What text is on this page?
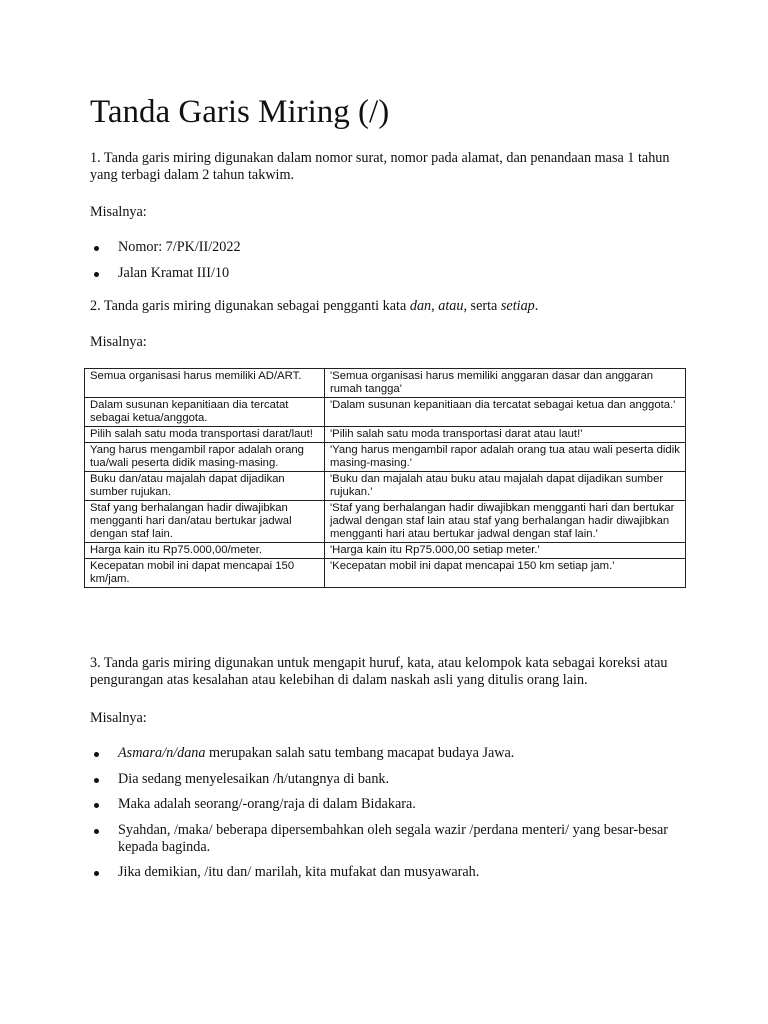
Tanda Garis Miring (/)

1. Tanda garis miring digunakan dalam nomor surat, nomor pada alamat, dan penandaan masa 1 tahun yang terbagi dalam 2 tahun takwim.

Misalnya:

Nomor: 7/PK/II/2022
Jalan Kramat III/10

2. Tanda garis miring digunakan sebagai pengganti kata dan, atau, serta setiap.

Misalnya:

Semua organisasi harus memiliki AD/ART.	'Semua organisasi harus memiliki anggaran dasar dan anggaran rumah tangga'
Dalam susunan kepanitiaan dia tercatat sebagai ketua/anggota.	'Dalam susunan kepanitiaan dia tercatat sebagai ketua dan anggota.'
Pilih salah satu moda transportasi darat/laut!	'Pilih salah satu moda transportasi darat atau laut!'
Yang harus mengambil rapor adalah orang tua/wali peserta didik masing-masing.	'Yang harus mengambil rapor adalah orang tua atau wali peserta didik masing-masing.'
Buku dan/atau majalah dapat dijadikan sumber rujukan.	'Buku dan majalah atau buku atau majalah dapat dijadikan sumber rujukan.'
Staf yang berhalangan hadir diwajibkan mengganti hari dan/atau bertukar jadwal dengan staf lain.	'Staf yang berhalangan hadir diwajibkan mengganti hari dan bertukar jadwal dengan staf lain atau staf yang berhalangan hadir diwajibkan mengganti hari atau bertukar jadwal dengan staf lain.'
Harga kain itu Rp75.000,00/meter.	'Harga kain itu Rp75.000,00 setiap meter.'
Kecepatan mobil ini dapat mencapai 150 km/jam.	'Kecepatan mobil ini dapat mencapai 150 km setiap jam.'

3. Tanda garis miring digunakan untuk mengapit huruf, kata, atau kelompok kata sebagai koreksi atau pengurangan atas kesalahan atau kelebihan di dalam naskah asli yang ditulis orang lain.

Misalnya:

Asmara/n/dana merupakan salah satu tembang macapat budaya Jawa.
Dia sedang menyelesaikan /h/utangnya di bank.
Maka adalah seorang/-orang/raja di dalam Bidakara.
Syahdan, /maka/ beberapa dipersembahkan oleh segala wazir /perdana menteri/ yang besar-besar kepada baginda.
Jika demikian, /itu dan/ marilah, kita mufakat dan musyawarah.
